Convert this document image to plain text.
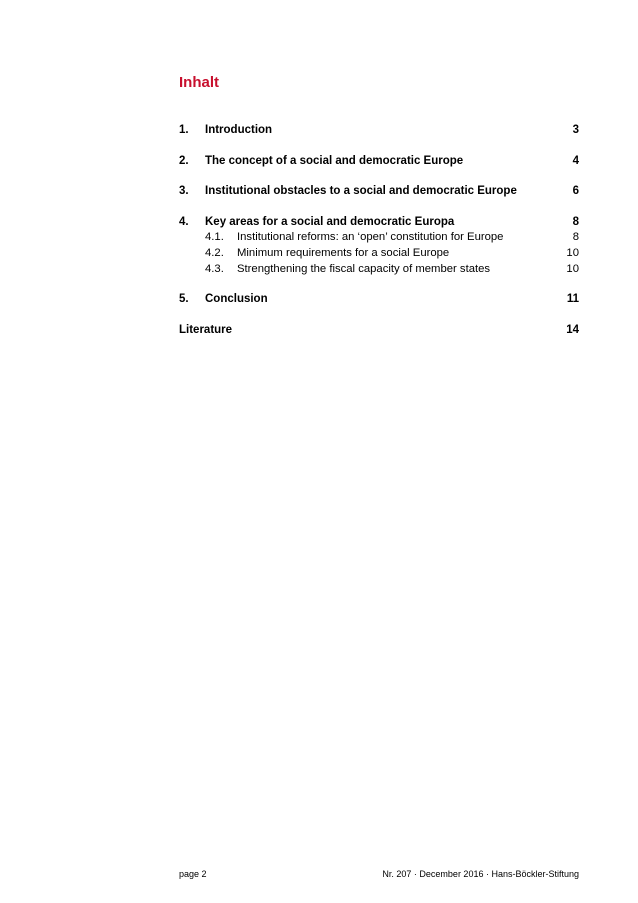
Inhalt
1. Introduction	3
2. The concept of a social and democratic Europe	4
3. Institutional obstacles to a social and democratic Europe	6
4. Key areas for a social and democratic Europa	8
4.1. Institutional reforms: an ‘open’ constitution for Europe	8
4.2. Minimum requirements for a social Europe	10
4.3. Strengthening the fiscal capacity of member states	10
5. Conclusion	11
Literature	14
page 2	Nr. 207 · December 2016 · Hans-Böckler-Stiftung
